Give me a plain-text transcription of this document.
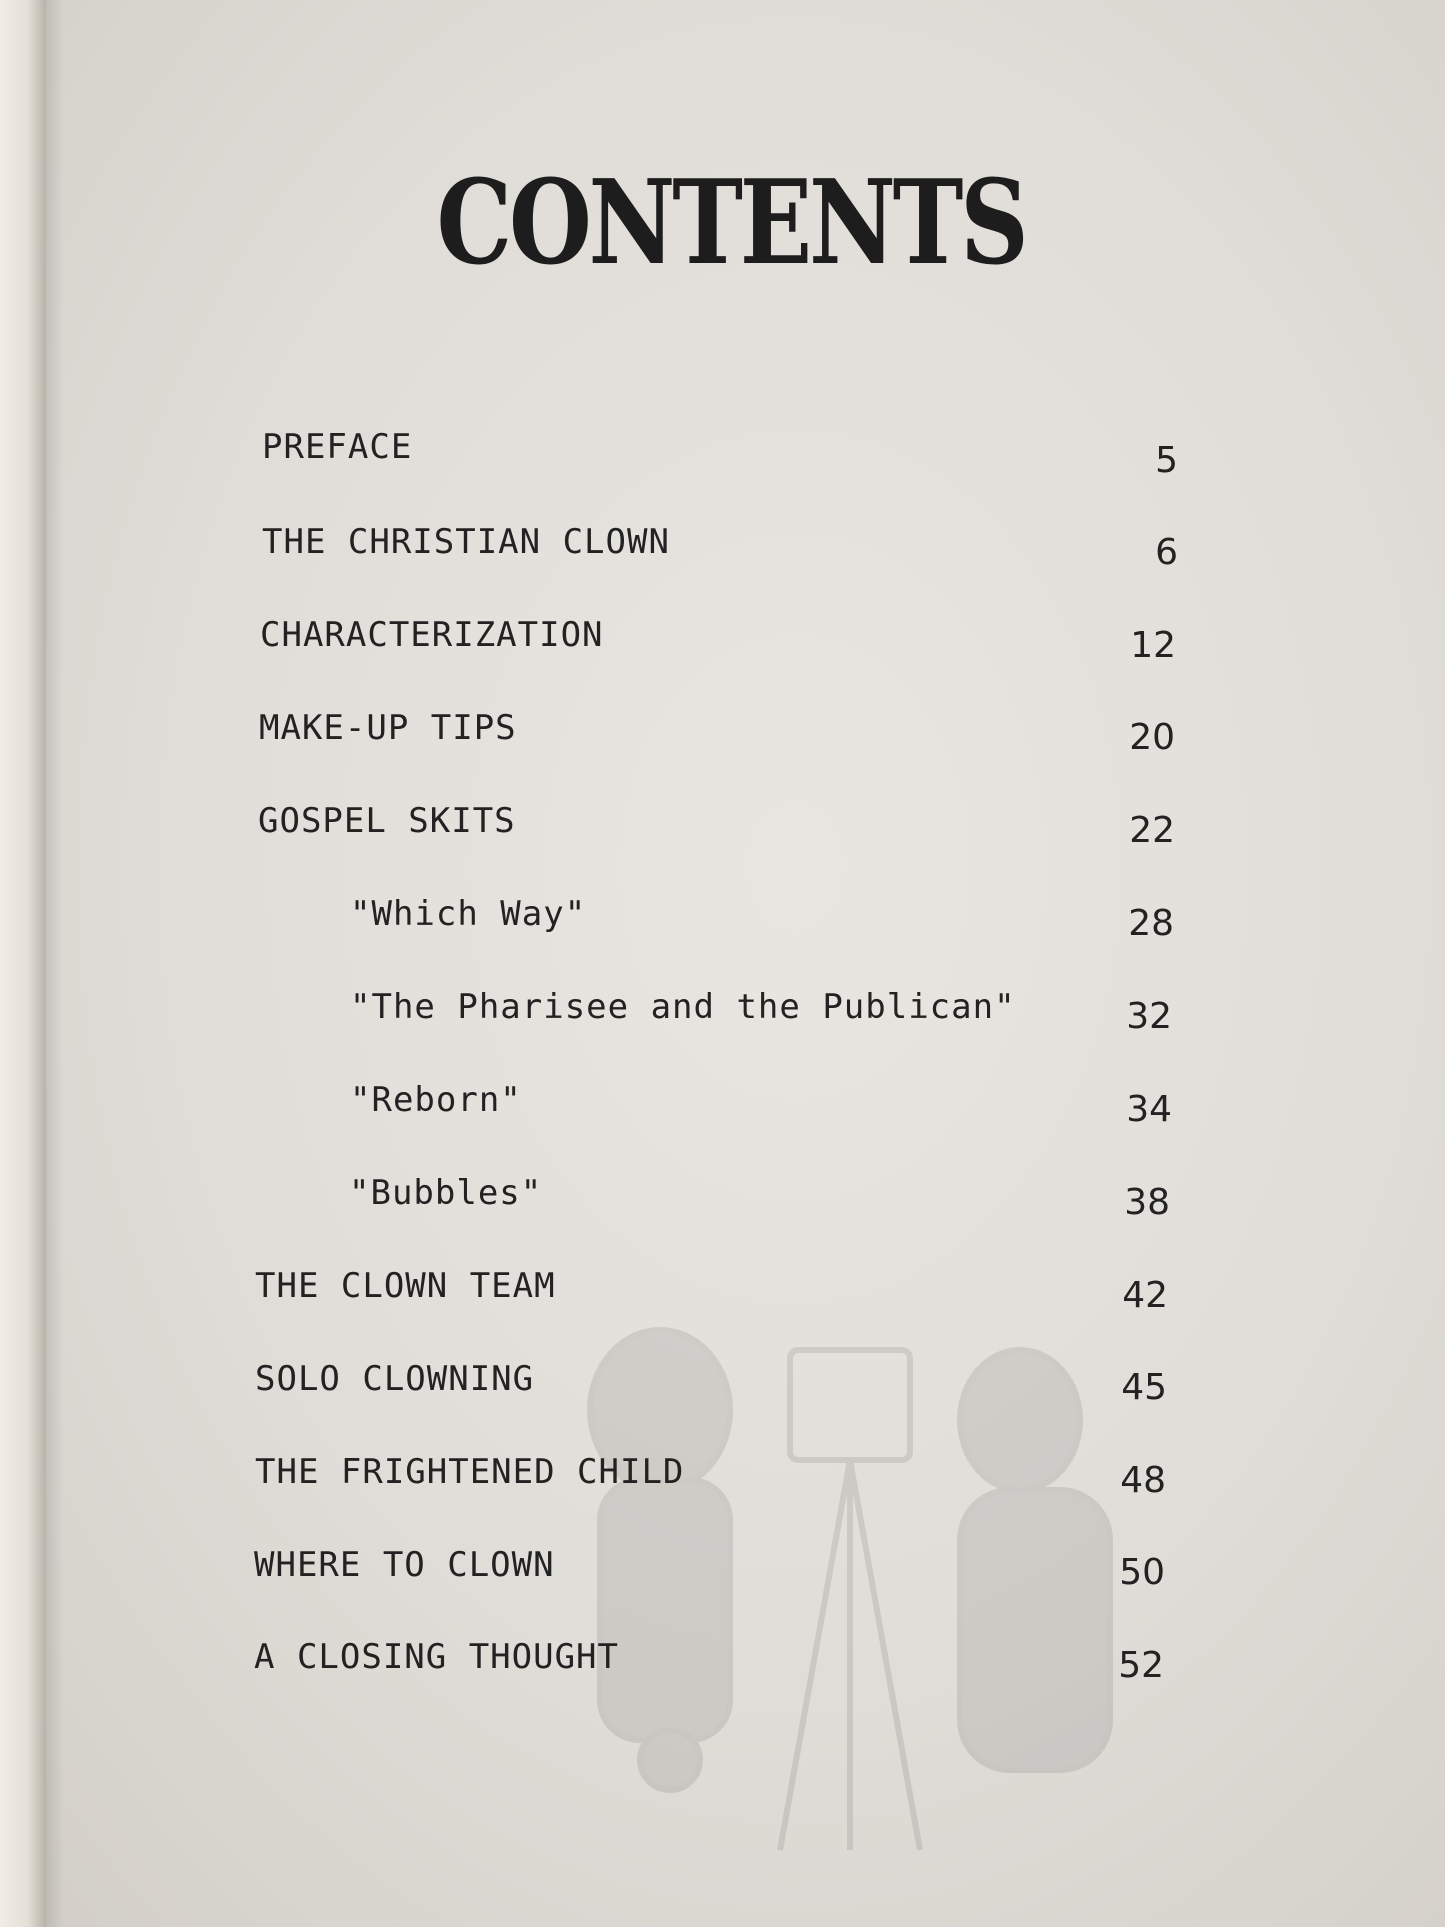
CONTENTS
PREFACE	5
THE CHRISTIAN CLOWN	6
CHARACTERIZATION	12
MAKE-UP TIPS	20
GOSPEL SKITS	22
"Which Way"	28
"The Pharisee and the Publican"	32
"Reborn"	34
"Bubbles"	38
THE CLOWN TEAM	42
SOLO CLOWNING	45
THE FRIGHTENED CHILD	48
WHERE TO CLOWN	50
A CLOSING THOUGHT	52
